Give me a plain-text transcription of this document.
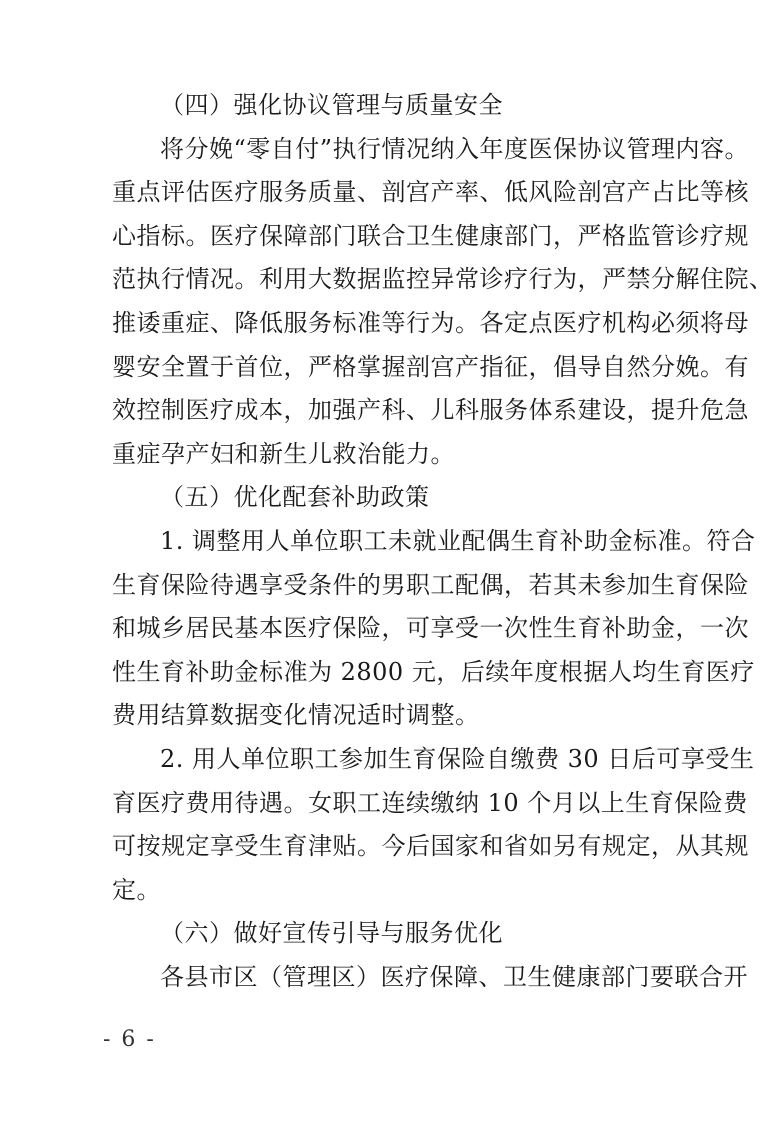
（四）强化协议管理与质量安全
将分娩“零自付”执行情况纳入年度医保协议管理内容。
重点评估医疗服务质量、剖宫产率、低风险剖宫产占比等核
心指标。医疗保障部门联合卫生健康部门，严格监管诊疗规
范执行情况。利用大数据监控异常诊疗行为，严禁分解住院、
推诿重症、降低服务标准等行为。各定点医疗机构必须将母
婴安全置于首位，严格掌握剖宫产指征，倡导自然分娩。有
效控制医疗成本，加强产科、儿科服务体系建设，提升危急
重症孕产妇和新生儿救治能力。
（五）优化配套补助政策
1. 调整用人单位职工未就业配偶生育补助金标准。符合
生育保险待遇享受条件的男职工配偶，若其未参加生育保险
和城乡居民基本医疗保险，可享受一次性生育补助金，一次
性生育补助金标准为 2800 元，后续年度根据人均生育医疗
费用结算数据变化情况适时调整。
2. 用人单位职工参加生育保险自缴费 30 日后可享受生
育医疗费用待遇。女职工连续缴纳 10 个月以上生育保险费
可按规定享受生育津贴。今后国家和省如另有规定，从其规
定。
- 6 -
（六）做好宣传引导与服务优化
各县市区（管理区）医疗保障、卫生健康部门要联合开
